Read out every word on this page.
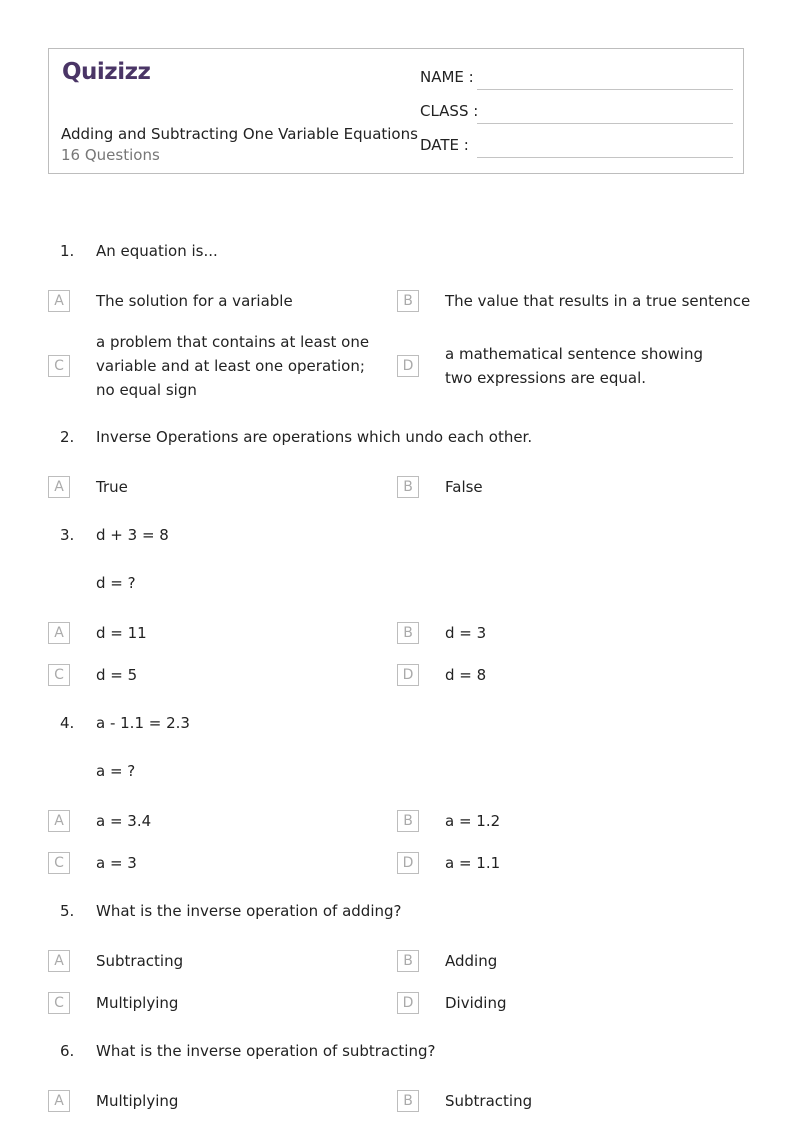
Quizizz
Adding and Subtracting One Variable Equations
16 Questions
NAME :
CLASS :
DATE :
1. An equation is...
A	The solution for a variable	B	The value that results in a true sentence
C
a problem that contains at least one variable and at least one operation; no equal sign
D
a mathematical sentence showing two expressions are equal.
2. Inverse Operations are operations which undo each other.
A	True	B	False
3. d + 3 = 8
d = ?
A	d = 11	B	d = 3
C	d = 5	D	d = 8
4. a - 1.1 = 2.3
a = ?
A	a = 3.4	B	a = 1.2
C	a = 3	D	a = 1.1
5. What is the inverse operation of adding?
A	Subtracting	B	Adding
C	Multiplying	D	Dividing
6. What is the inverse operation of subtracting?
A	Multiplying	B	Subtracting
